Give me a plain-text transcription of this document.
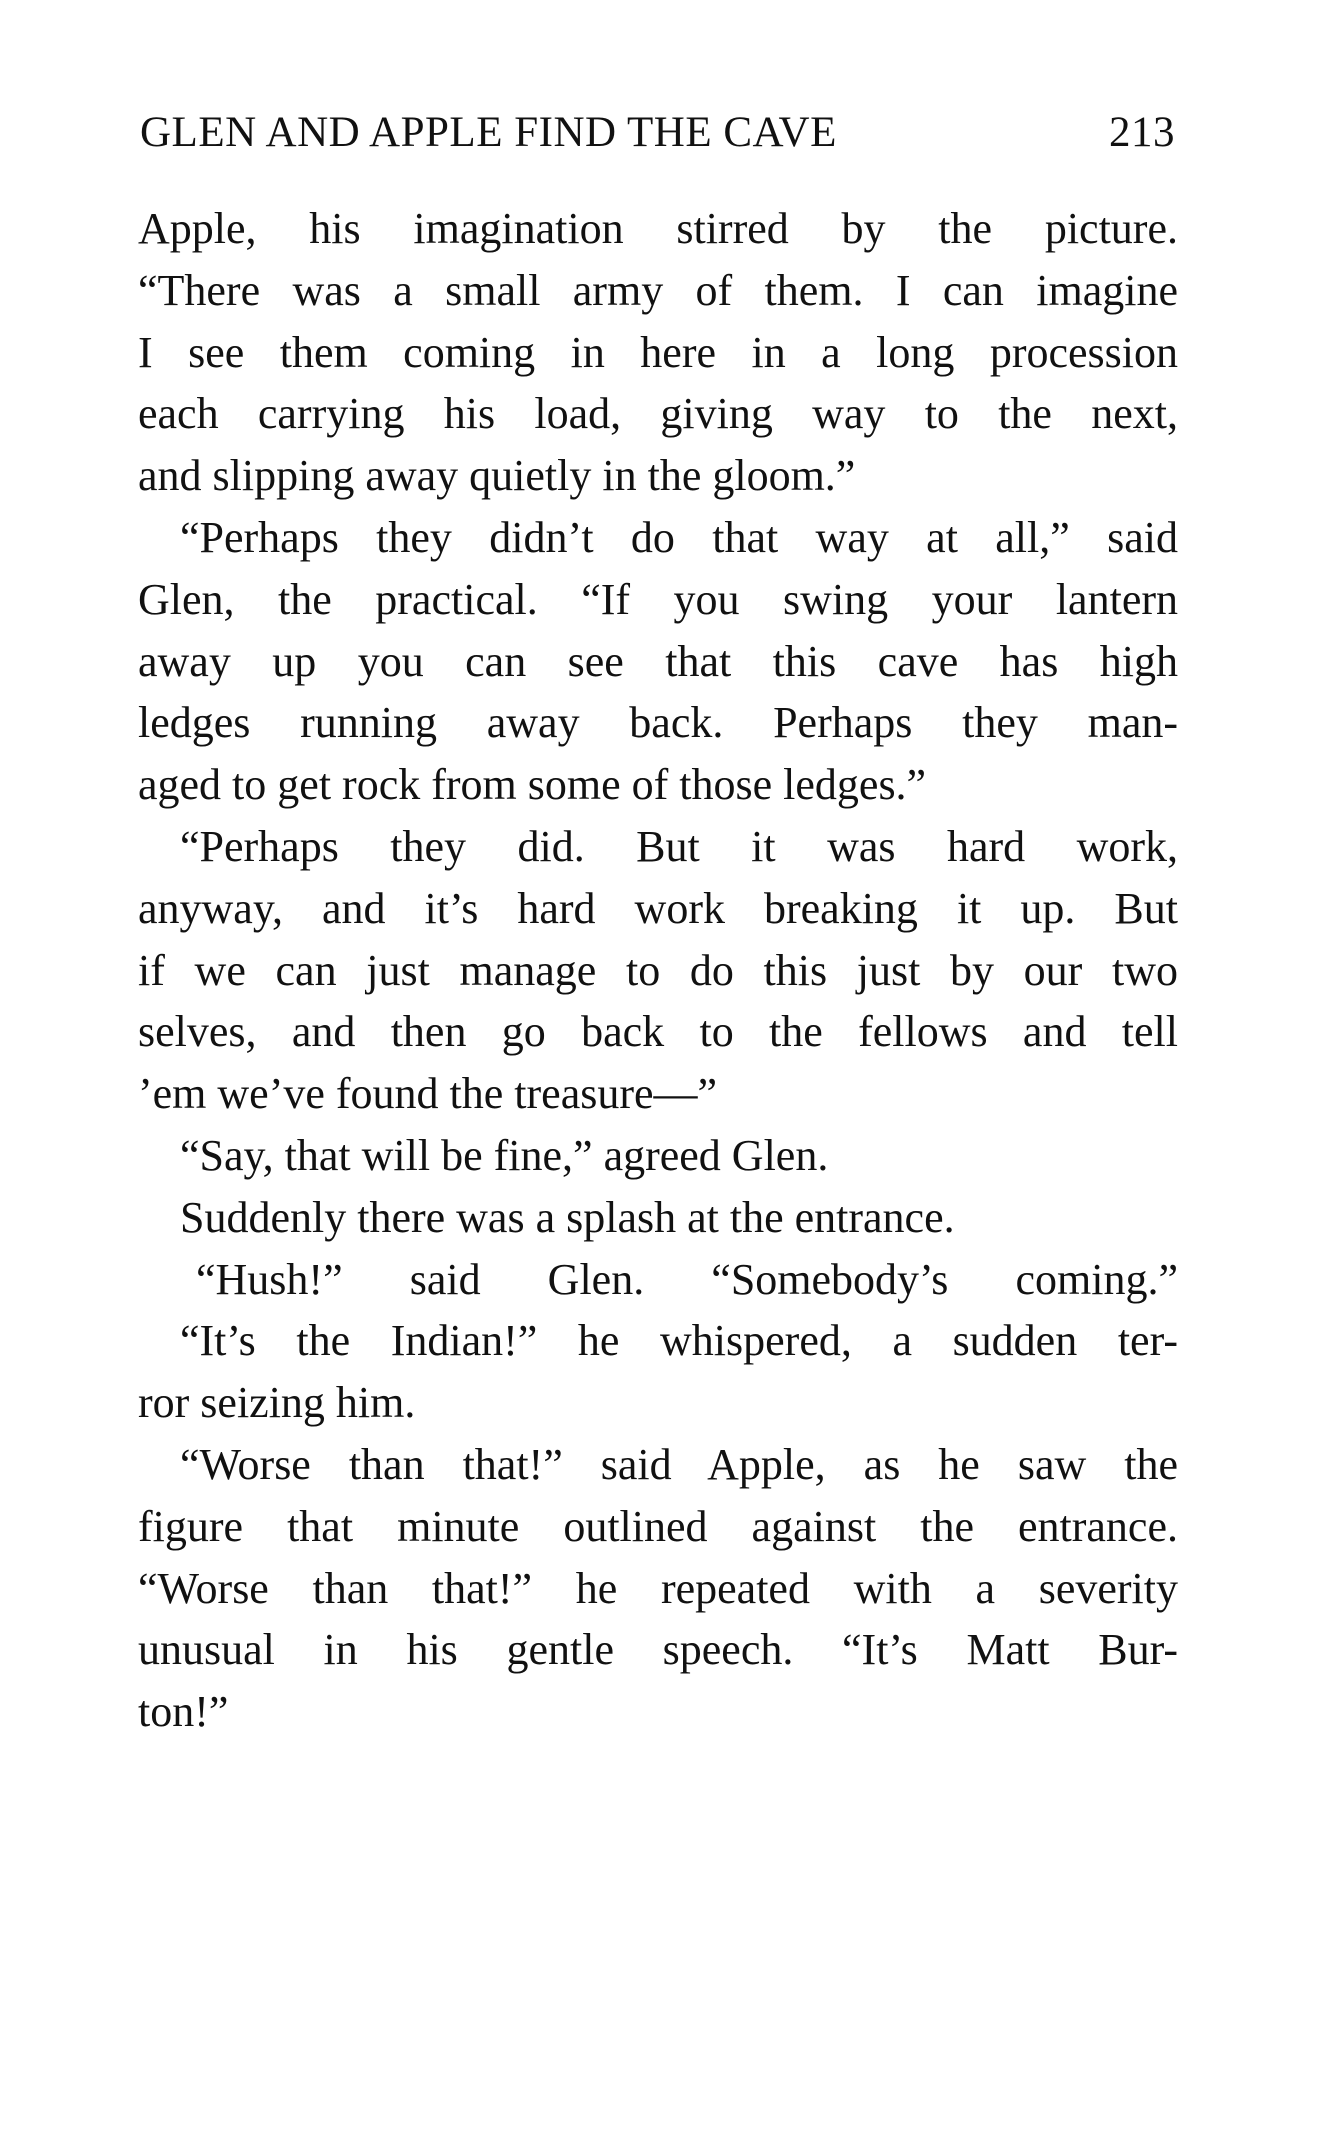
GLEN AND APPLE FIND THE CAVE	213
Apple, his imagination stirred by the picture.
“There was a small army of them. I can imagine
I see them coming in here in a long procession
each carrying his load, giving way to the next,
and slipping away quietly in the gloom.”
“Perhaps they didn’t do that way at all,” said
Glen, the practical. “If you swing your lantern
away up you can see that this cave has high
ledges running away back. Perhaps they man-
aged to get rock from some of those ledges.”
“Perhaps they did. But it was hard work,
anyway, and it’s hard work breaking it up. But
if we can just manage to do this just by our two
selves, and then go back to the fellows and tell
’em we’ve found the treasure—”
“Say, that will be fine,” agreed Glen.
Suddenly there was a splash at the entrance.
“Hush!” said Glen. “Somebody’s coming.”
“It’s the Indian!” he whispered, a sudden ter-
ror seizing him.
“Worse than that!” said Apple, as he saw the
figure that minute outlined against the entrance.
“Worse than that!” he repeated with a severity
unusual in his gentle speech. “It’s Matt Bur-
ton!”
